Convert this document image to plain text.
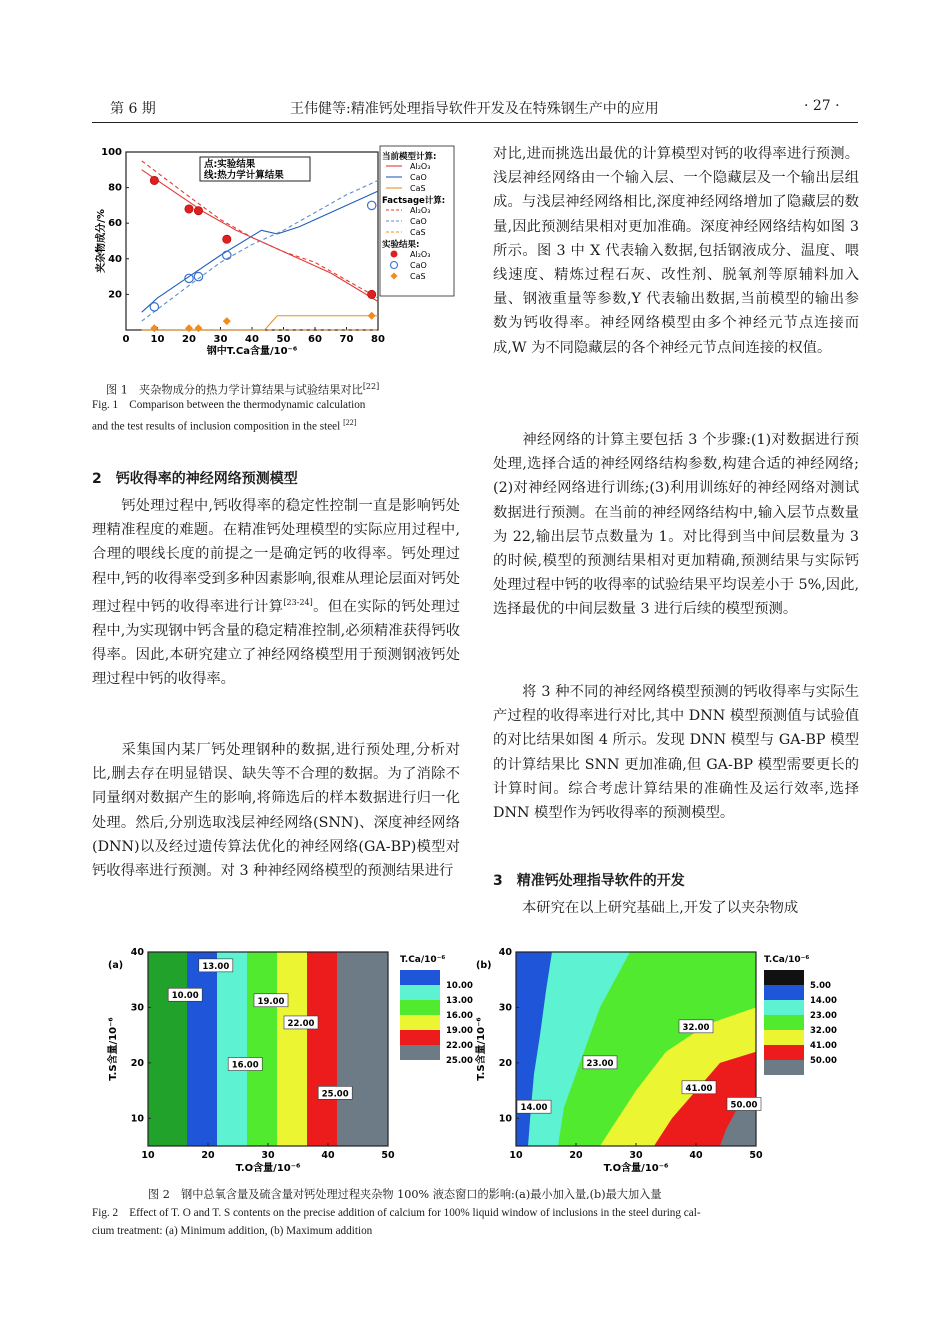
第 6 期	王伟健等:精准钙处理指导软件开发及在特殊钢生产中的应用	· 27 ·
0 10 20 30 40 50 60 70 80
20
40
60
80
100
钢中T.Ca含量/10⁻⁶
夹杂物成分/%
点:实验结果
线:热力学计算结果
当前模型计算:
Al₂O₃
CaO
CaS
Factsage计算:
Al₂O₃
CaO
CaS
实验结果:
Al₂O₃
CaO
CaS

图 1　夹杂物成分的热力学计算结果与试验结果对比[22]

Fig. 1　Comparison between the thermodynamic calculation

and the test results of inclusion composition in the steel [22]

2　钙收得率的神经网络预测模型

钙处理过程中,钙收得率的稳定性控制一直是影响钙处理精准程度的难题。在精准钙处理模型的实际应用过程中,合理的喂线长度的前提之一是确定钙的收得率。钙处理过程中,钙的收得率受到多种因素影响,很难从理论层面对钙处理过程中钙的收得率进行计算[23-24]。但在实际的钙处理过程中,为实现钢中钙含量的稳定精准控制,必须精准获得钙收得率。因此,本研究建立了神经网络模型用于预测钢液钙处理过程中钙的收得率。

采集国内某厂钙处理钢种的数据,进行预处理,分析对比,删去存在明显错误、缺失等不合理的数据。为了消除不同量纲对数据产生的影响,将筛选后的样本数据进行归一化处理。然后,分别选取浅层神经网络(SNN)、深度神经网络(DNN)以及经过遗传算法优化的神经网络(GA-BP)模型对钙收得率进行预测。对 3 种神经网络模型的预测结果进行

对比,进而挑选出最优的计算模型对钙的收得率进行预测。浅层神经网络由一个输入层、一个隐藏层及一个输出层组成。与浅层神经网络相比,深度神经网络增加了隐藏层的数量,因此预测结果相对更加准确。深度神经网络结构如图 3 所示。图 3 中 X 代表输入数据,包括钢液成分、温度、喂线速度、精炼过程石灰、改性剂、脱氧剂等原辅料加入量、钢液重量等参数,Y 代表输出数据,当前模型的输出参数为钙收得率。神经网络模型由多个神经元节点连接而成,W 为不同隐藏层的各个神经元节点间连接的权值。

神经网络的计算主要包括 3 个步骤:(1)对数据进行预处理,选择合适的神经网络结构参数,构建合适的神经网络;(2)对神经网络进行训练;(3)利用训练好的神经网络对测试数据进行预测。在当前的神经网络结构中,输入层节点数量为 22,输出层节点数量为 1。对比得到当中间层数量为 3 的时候,模型的预测结果相对更加精确,预测结果与实际钙处理过程中钙的收得率的试验结果平均误差小于 5%,因此,选择最优的中间层数量 3 进行后续的模型预测。

将 3 种不同的神经网络模型预测的钙收得率与实际生产过程的收得率进行对比,其中 DNN 模型预测值与试验值的对比结果如图 4 所示。发现 DNN 模型与 GA-BP 模型的计算结果比 SNN 更加准确,但 GA-BP 模型需要更长的计算时间。综合考虑计算结果的准确性及运行效率,选择 DNN 模型作为钙收得率的预测模型。

3　精准钙处理指导软件的开发

本研究在以上研究基础上,开发了以夹杂物成

10	20	30	40	50
10
20
30
40
T.O含量/10⁻⁶
T.S含量/10⁻⁶
(a)	13.00
10.00
19.00
22.00
16.00
25.00
T.Ca/10⁻⁶
10.00
13.00
16.00
19.00
22.00
25.00
10	20	30	40	50
10
20
30
40
T.O含量/10⁻⁶
T.S含量/10⁻⁶
(b)
32.00
23.00
41.00
14.00	50.00
T.Ca/10⁻⁶
5.00
14.00
23.00
32.00
41.00
50.00

图 2　钢中总氧含量及硫含量对钙处理过程夹杂物 100% 液态窗口的影响:(a)最小加入量,(b)最大加入量

Fig. 2　Effect of T. O and T. S contents on the precise addition of calcium for 100% liquid window of inclusions in the steel during cal-

cium treatment: (a) Minimum addition, (b) Maximum addition
